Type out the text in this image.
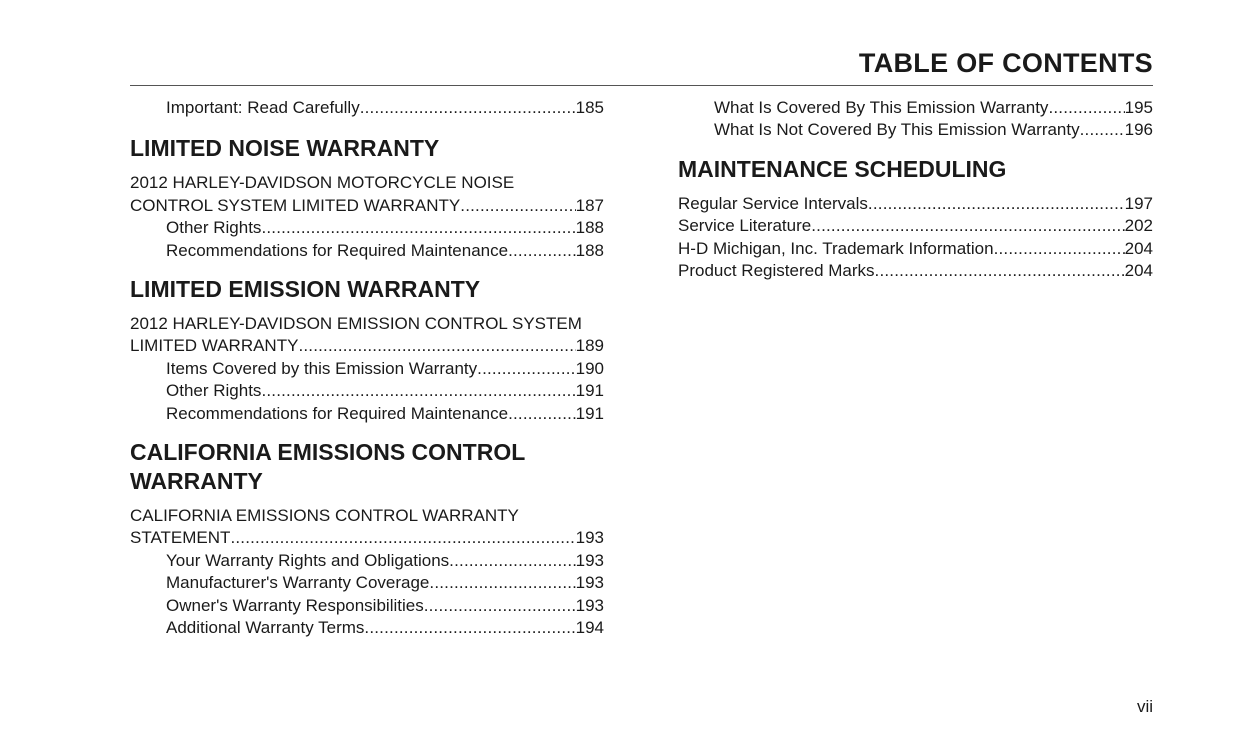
TABLE OF CONTENTS
Important: Read Carefully .....	185
LIMITED NOISE WARRANTY
2012 HARLEY-DAVIDSON MOTORCYCLE NOISE
CONTROL SYSTEM LIMITED WARRANTY .....	187
Other Rights .....	188
Recommendations for Required Maintenance .....	188
LIMITED EMISSION WARRANTY
2012 HARLEY-DAVIDSON EMISSION CONTROL SYSTEM
LIMITED WARRANTY .....	189
Items Covered by this Emission Warranty .....	190
Other Rights .....	191
Recommendations for Required Maintenance .....	191
CALIFORNIA EMISSIONS CONTROL
WARRANTY
CALIFORNIA EMISSIONS CONTROL WARRANTY
STATEMENT .....	193
Your Warranty Rights and Obligations .....	193
Manufacturer's Warranty Coverage .....	193
Owner's Warranty Responsibilities .....	193
Additional Warranty Terms .....	194
What Is Covered By This Emission Warranty .....	195
What Is Not Covered By This Emission Warranty .....	196
MAINTENANCE SCHEDULING
Regular Service Intervals .....	197
Service Literature .....	202
H-D Michigan, Inc. Trademark Information .....	204
Product Registered Marks .....	204
vii
